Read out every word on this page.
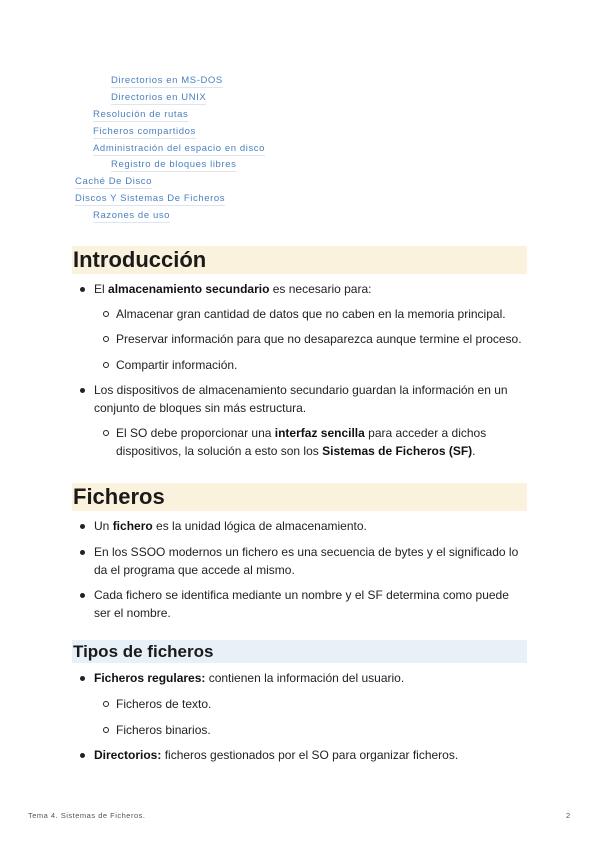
Directorios en MS-DOS
Directorios en UNIX
Resolución de rutas
Ficheros compartidos
Administración del espacio en disco
Registro de bloques libres
Caché De Disco
Discos Y Sistemas De Ficheros
Razones de uso
Introducción
El almacenamiento secundario es necesario para:
Almacenar gran cantidad de datos que no caben en la memoria principal.
Preservar información para que no desaparezca aunque termine el proceso.
Compartir información.
Los dispositivos de almacenamiento secundario guardan la información en un
conjunto de bloques sin más estructura.
El SO debe proporcionar una interfaz sencilla para acceder a dichos
dispositivos, la solución a esto son los Sistemas de Ficheros (SF).
Ficheros
Un fichero es la unidad lógica de almacenamiento.
En los SSOO modernos un fichero es una secuencia de bytes y el significado lo
da el programa que accede al mismo.
Cada fichero se identifica mediante un nombre y el SF determina como puede
ser el nombre.
Tipos de ficheros
Ficheros regulares: contienen la información del usuario.
Ficheros de texto.
Ficheros binarios.
Directorios: ficheros gestionados por el SO para organizar ficheros.
Tema 4. Sistemas de Ficheros.	2
